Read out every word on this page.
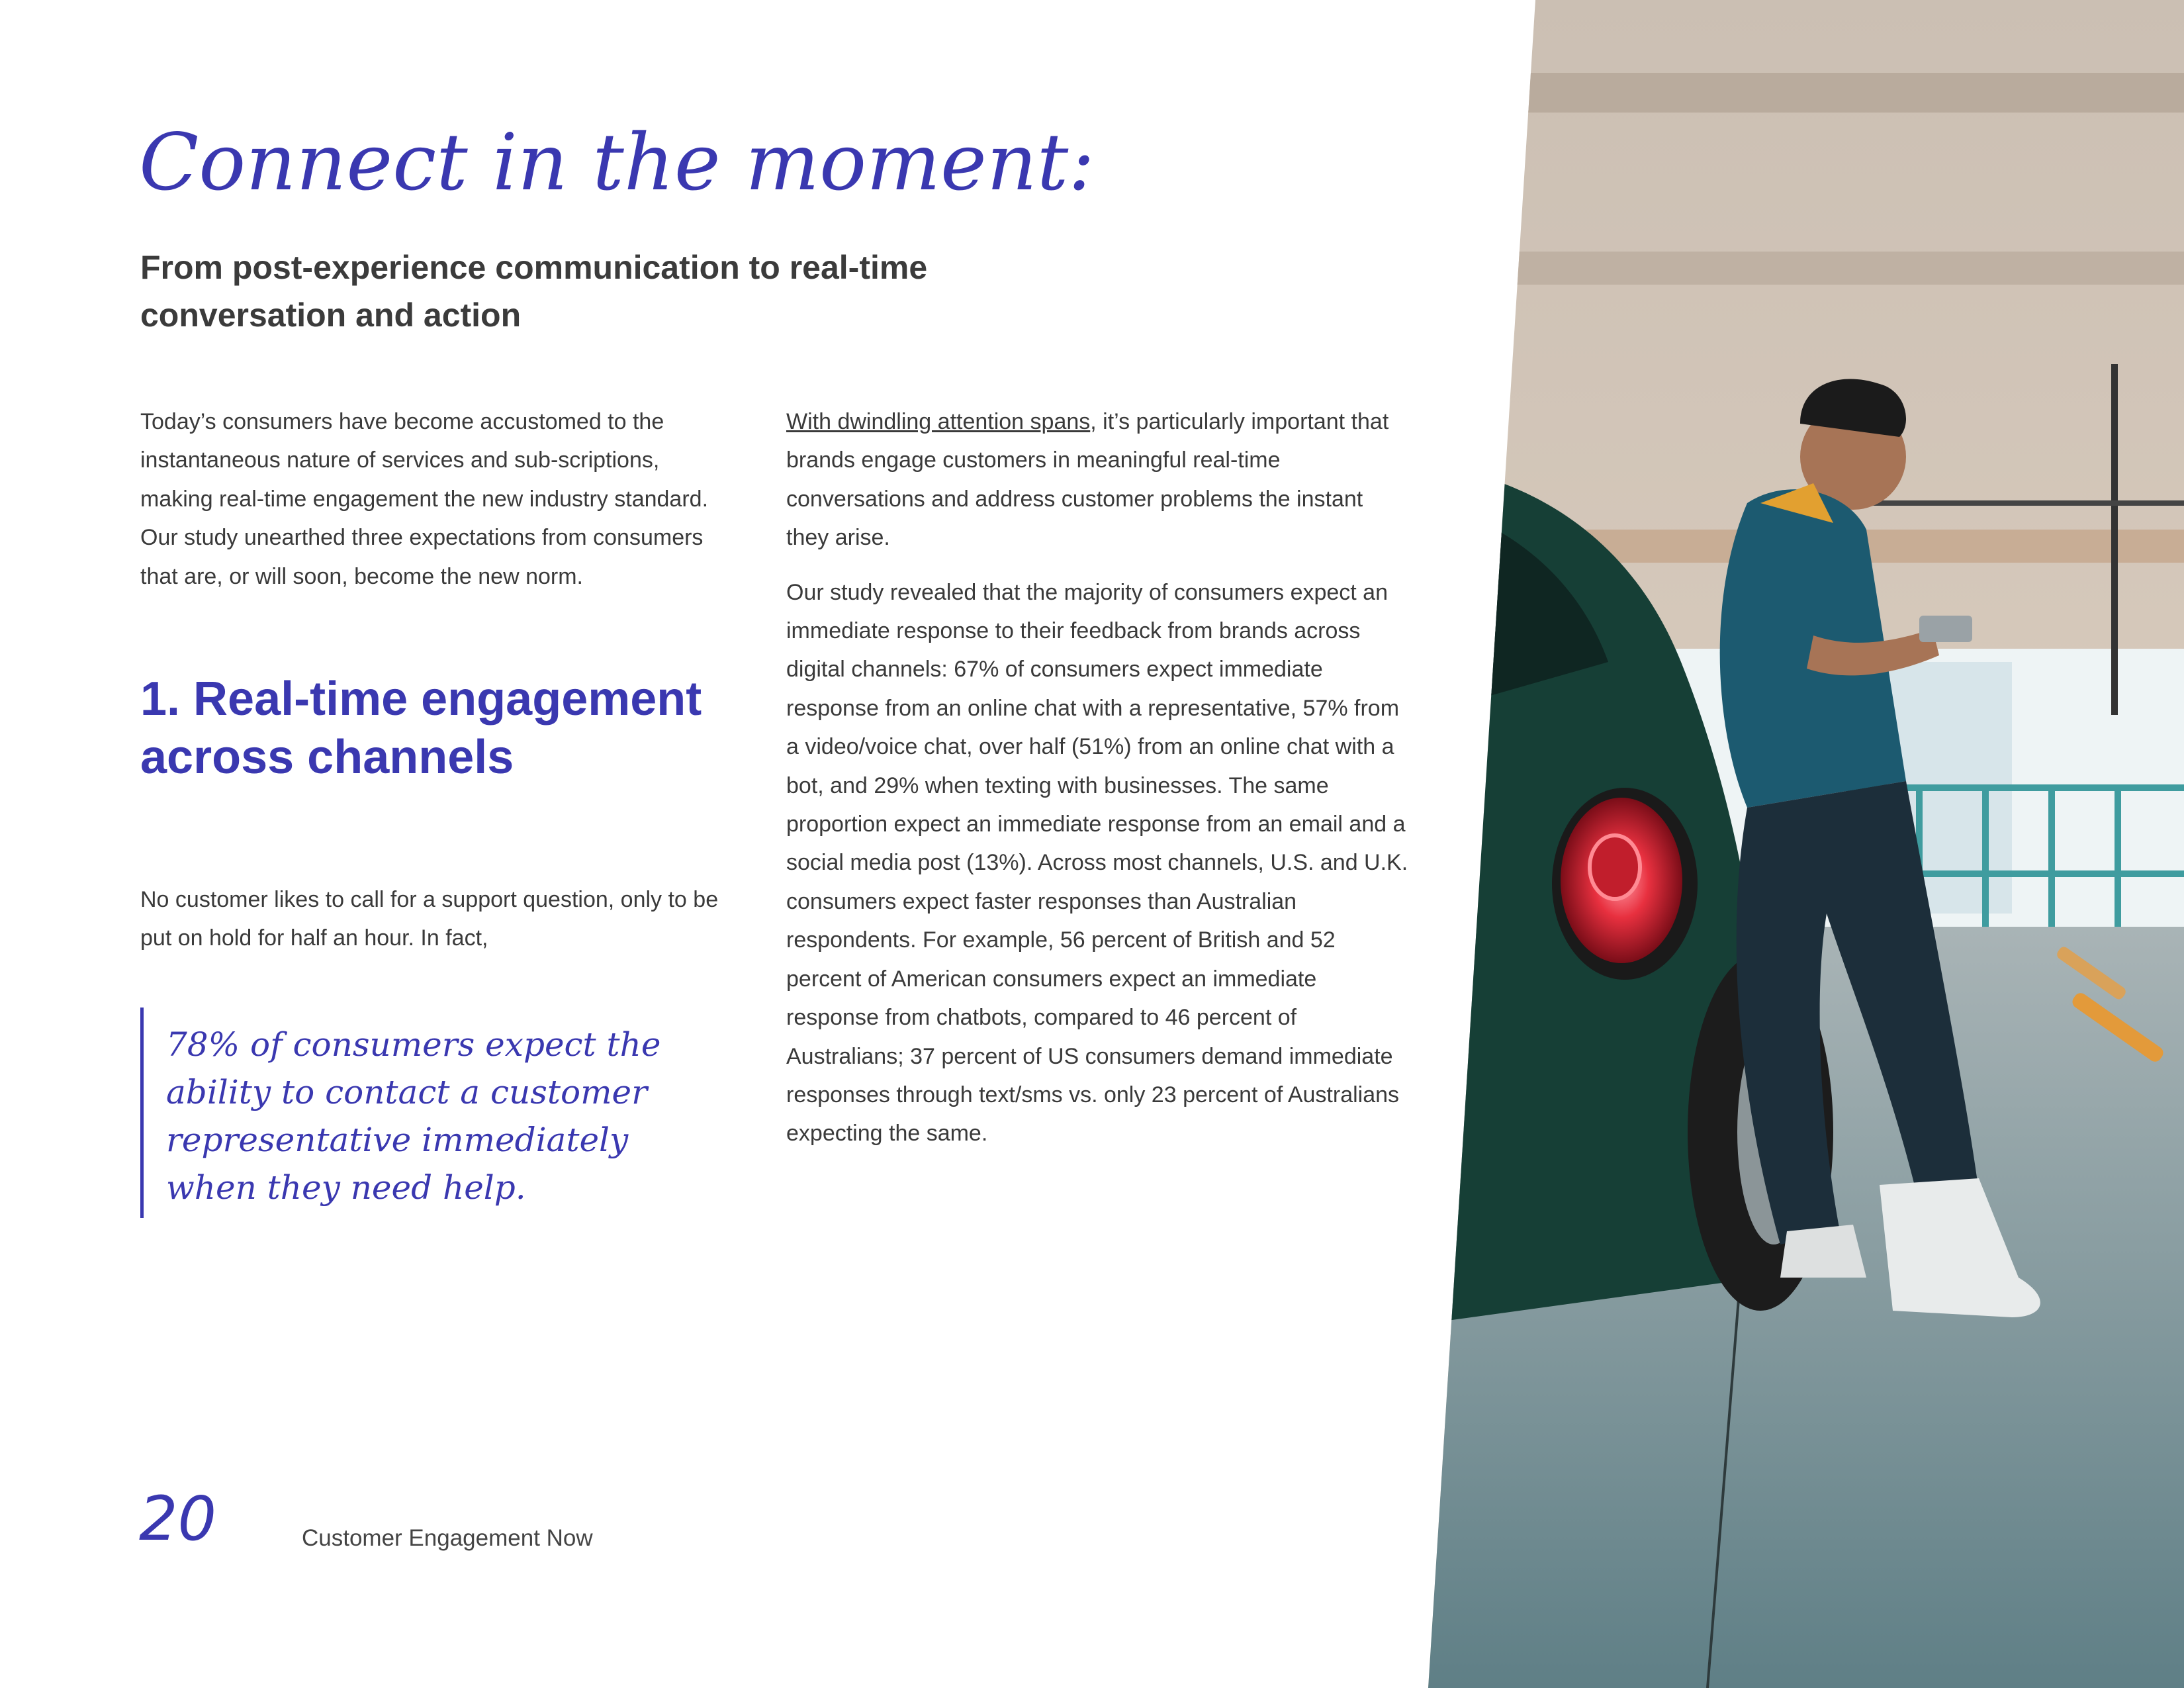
Connect in the moment:
From post-experience communication to real-time conversation and action

Today’s consumers have become accustomed to the instantaneous nature of services and sub-scriptions, making real-time engagement the new industry standard. Our study unearthed three expectations from consumers that are, or will soon, become the new norm.

1. Real-time engagement across channels

No customer likes to call for a support question, only to be put on hold for half an hour. In fact,

78% of consumers expect the ability to contact a customer representative immediately when they need help.

With dwindling attention spans, it’s particularly important that brands engage customers in meaningful real-time conversations and address customer problems the instant they arise.

Our study revealed that the majority of consumers expect an immediate response to their feedback from brands across digital channels: 67% of consumers expect immediate response from an online chat with a representative, 57% from a video/voice chat, over half (51%) from an online chat with a bot, and 29% when texting with businesses. The same proportion expect an immediate response from an email and a social media post (13%). Across most channels, U.S. and U.K. consumers expect faster responses than Australian respondents. For example, 56 percent of British and 52 percent of American consumers expect an immediate response from chatbots, compared to 46 percent of Australians; 37 percent of US consumers demand immediate responses through text/sms vs. only 23 percent of Australians expecting the same.

20	Customer Engagement Now
